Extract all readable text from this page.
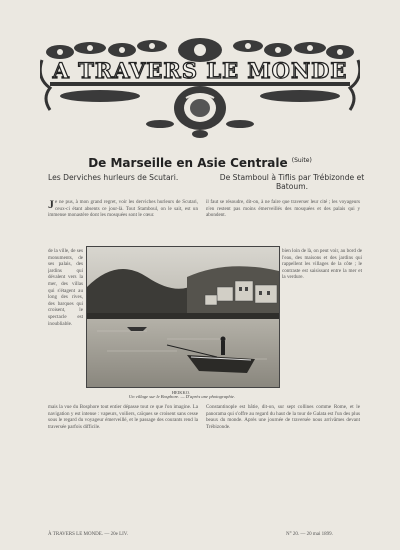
A TRAVERS LE MONDE
De Marseille en Asie Centrale $^{(Suite)}$
Les Derviches hurleurs de Scutari.	De Stamboul à Tiflis par Trébizonde et Batoum.
Je ne pus, à mon grand regret, voir les derviches hurleurs de Scutari, ceux-ci étant absents ce jour-là. Tout Stamboul, on le sait, est un immense monastère dont les mosquées sont le cœur.
il faut se résoudre, dit-on, à ne faire que traverser leur cité ; les voyageurs n'en restent pas moins émerveillés des mosquées et des palais qui y abondent.
de la ville, de ses monuments, de ses palais, des jardins qui dévalent vers la mer, des villas qui s'étagent au long des rives, des barques qui croisent, le spectacle est inoubliable.
bien loin de là, on peut voir, au bord de l'eau, des maisons et des jardins qui rappellent les villages de la côte ; le contraste est saisissant entre la mer et la verdure.
HEIKKO.
Un village sur le Bosphore. — D'après une photographie.
mais la vue du Bosphore tout entier dépasse tout ce que l'on imagine. La navigation y est intense : vapeurs, voiliers, caïques se croisent sans cesse sous le regard du voyageur émerveillé, et le passage des courants rend la traversée parfois difficile.
Constantinople est bâtie, dit-on, sur sept collines comme Rome, et le panorama qui s'offre au regard du haut de la tour de Galata est l'un des plus beaux du monde. Après une journée de traversée nous arrivâmes devant Trébizonde.
À TRAVERS LE MONDE. — 20e LIV.	N° 20. — 20 mai 1899.
